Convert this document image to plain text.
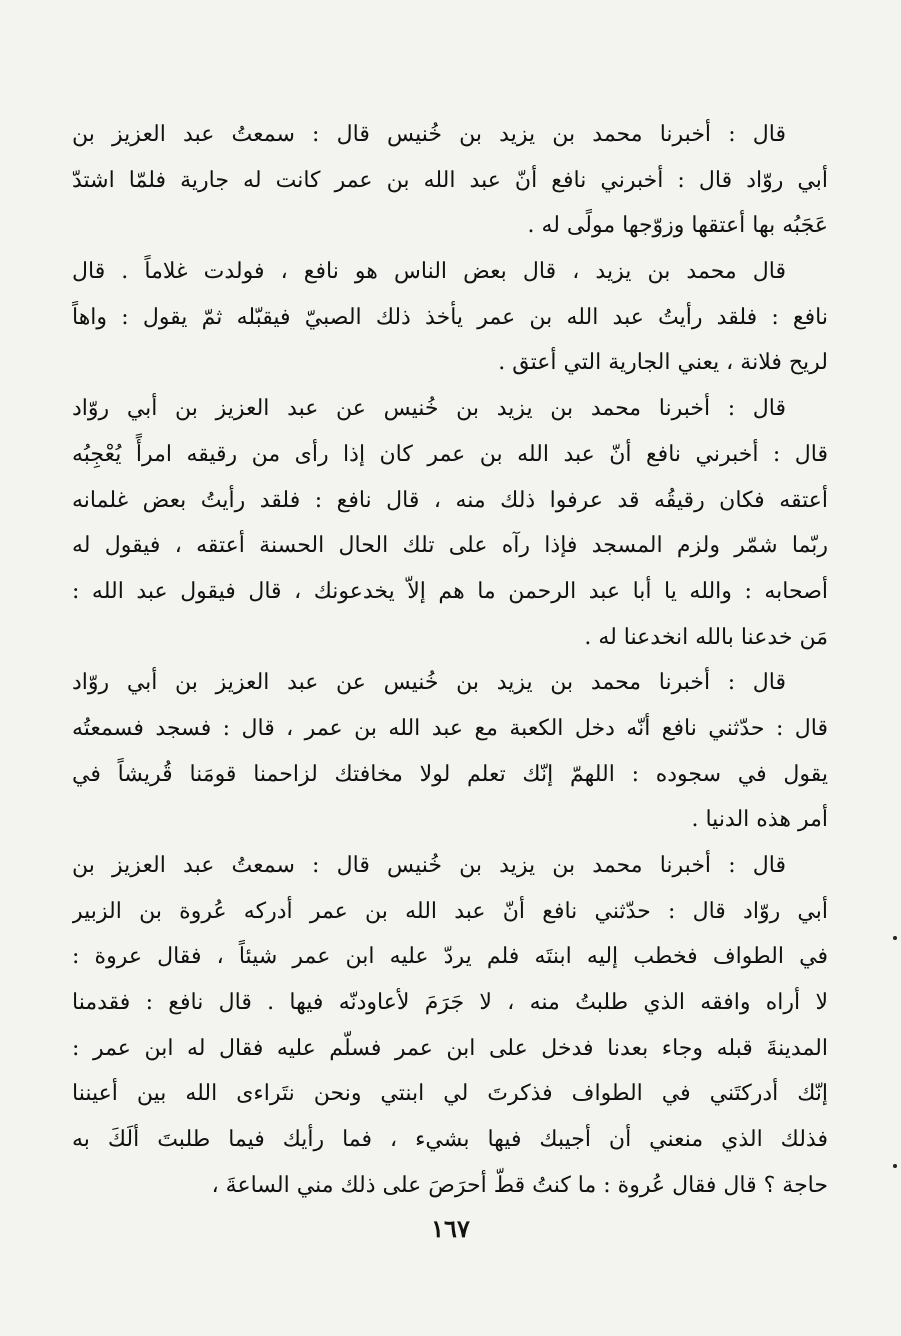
قال : أخبرنا محمد بن يزيد بن خُنيس قال : سمعتُ عبد العزيز بن
أبي روّاد قال : أخبرني نافع أنّ عبد الله بن عمر كانت له جارية فلمّا اشتدّ
عَجَبُه بها أعتقها وزوّجها مولًى له .
قال محمد بن يزيد ، قال بعض الناس هو نافع ، فولدت غلاماً . قال
نافع : فلقد رأيتُ عبد الله بن عمر يأخذ ذلك الصبيّ فيقبّله ثمّ يقول : واهاً
لريح فلانة ، يعني الجارية التي أعتق .
قال : أخبرنا محمد بن يزيد بن خُنيس عن عبد العزيز بن أبي روّاد
قال : أخبرني نافع أنّ عبد الله بن عمر كان إذا رأى من رقيقه امرأً يُعْجِبُه
أعتقه فكان رقيقُه قد عرفوا ذلك منه ، قال نافع : فلقد رأيتُ بعض غلمانه
ربّما شمّر ولزم المسجد فإذا رآه على تلك الحال الحسنة أعتقه ، فيقول له
أصحابه : والله يا أبا عبد الرحمن ما هم إلاّ يخدعونك ، قال فيقول عبد الله :
مَن خدعنا بالله انخدعنا له .
قال : أخبرنا محمد بن يزيد بن خُنيس عن عبد العزيز بن أبي روّاد
قال : حدّثني نافع أنّه دخل الكعبة مع عبد الله بن عمر ، قال : فسجد فسمعتُه
يقول في سجوده : اللهمّ إنّك تعلم لولا مخافتك لزاحمنا قومَنا قُريشاً في
أمر هذه الدنيا .
قال : أخبرنا محمد بن يزيد بن خُنيس قال : سمعتُ عبد العزيز بن
أبي روّاد قال : حدّثني نافع أنّ عبد الله بن عمر أدركه عُروة بن الزبير
في الطواف فخطب إليه ابنتَه فلم يردّ عليه ابن عمر شيئاً ، فقال عروة :
لا أراه وافقه الذي طلبتُ منه ، لا جَرَمَ لأعاودنّه فيها . قال نافع : فقدمنا
المدينةَ قبله وجاء بعدنا فدخل على ابن عمر فسلّم عليه فقال له ابن عمر :
إنّك أدركتَني في الطواف فذكرتَ لي ابنتي ونحن نتَراءى الله بين أعيننا
فذلك الذي منعني أن أجيبك فيها بشيء ، فما رأيك فيما طلبتَ ألَكَ به
حاجة ؟ قال فقال عُروة : ما كنتُ قطّ أحرَصَ على ذلك مني الساعةَ ،
١٦٧
